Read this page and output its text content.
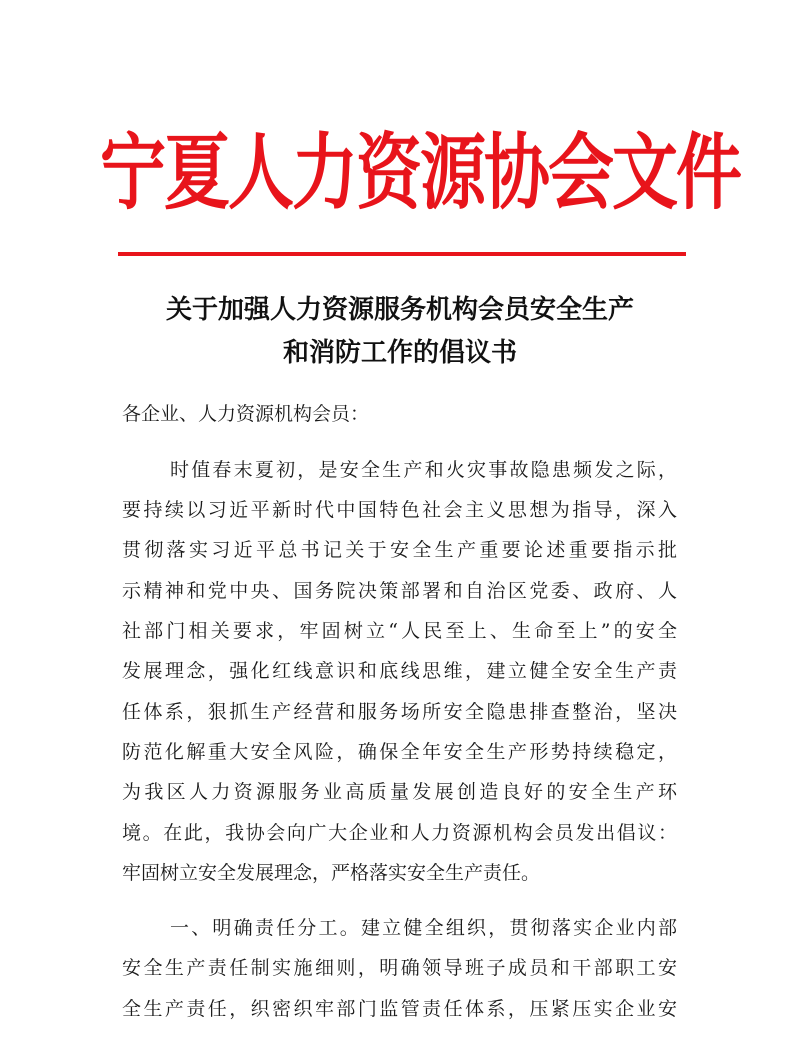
宁夏人力资源协会文件
关于加强人力资源服务机构会员安全生产
和消防工作的倡议书
各企业、人力资源机构会员：
时值春末夏初，是安全生产和火灾事故隐患频发之际，
要持续以习近平新时代中国特色社会主义思想为指导，深入
贯彻落实习近平总书记关于安全生产重要论述重要指示批
示精神和党中央、国务院决策部署和自治区党委、政府、人
社部门相关要求，牢固树立“人民至上、生命至上”的安全
发展理念，强化红线意识和底线思维，建立健全安全生产责
任体系，狠抓生产经营和服务场所安全隐患排查整治，坚决
防范化解重大安全风险，确保全年安全生产形势持续稳定，
为我区人力资源服务业高质量发展创造良好的安全生产环
境。在此，我协会向广大企业和人力资源机构会员发出倡议：
牢固树立安全发展理念，严格落实安全生产责任。
一、明确责任分工。建立健全组织，贯彻落实企业内部
安全生产责任制实施细则，明确领导班子成员和干部职工安
全生产责任，织密织牢部门监管责任体系，压紧压实企业安
